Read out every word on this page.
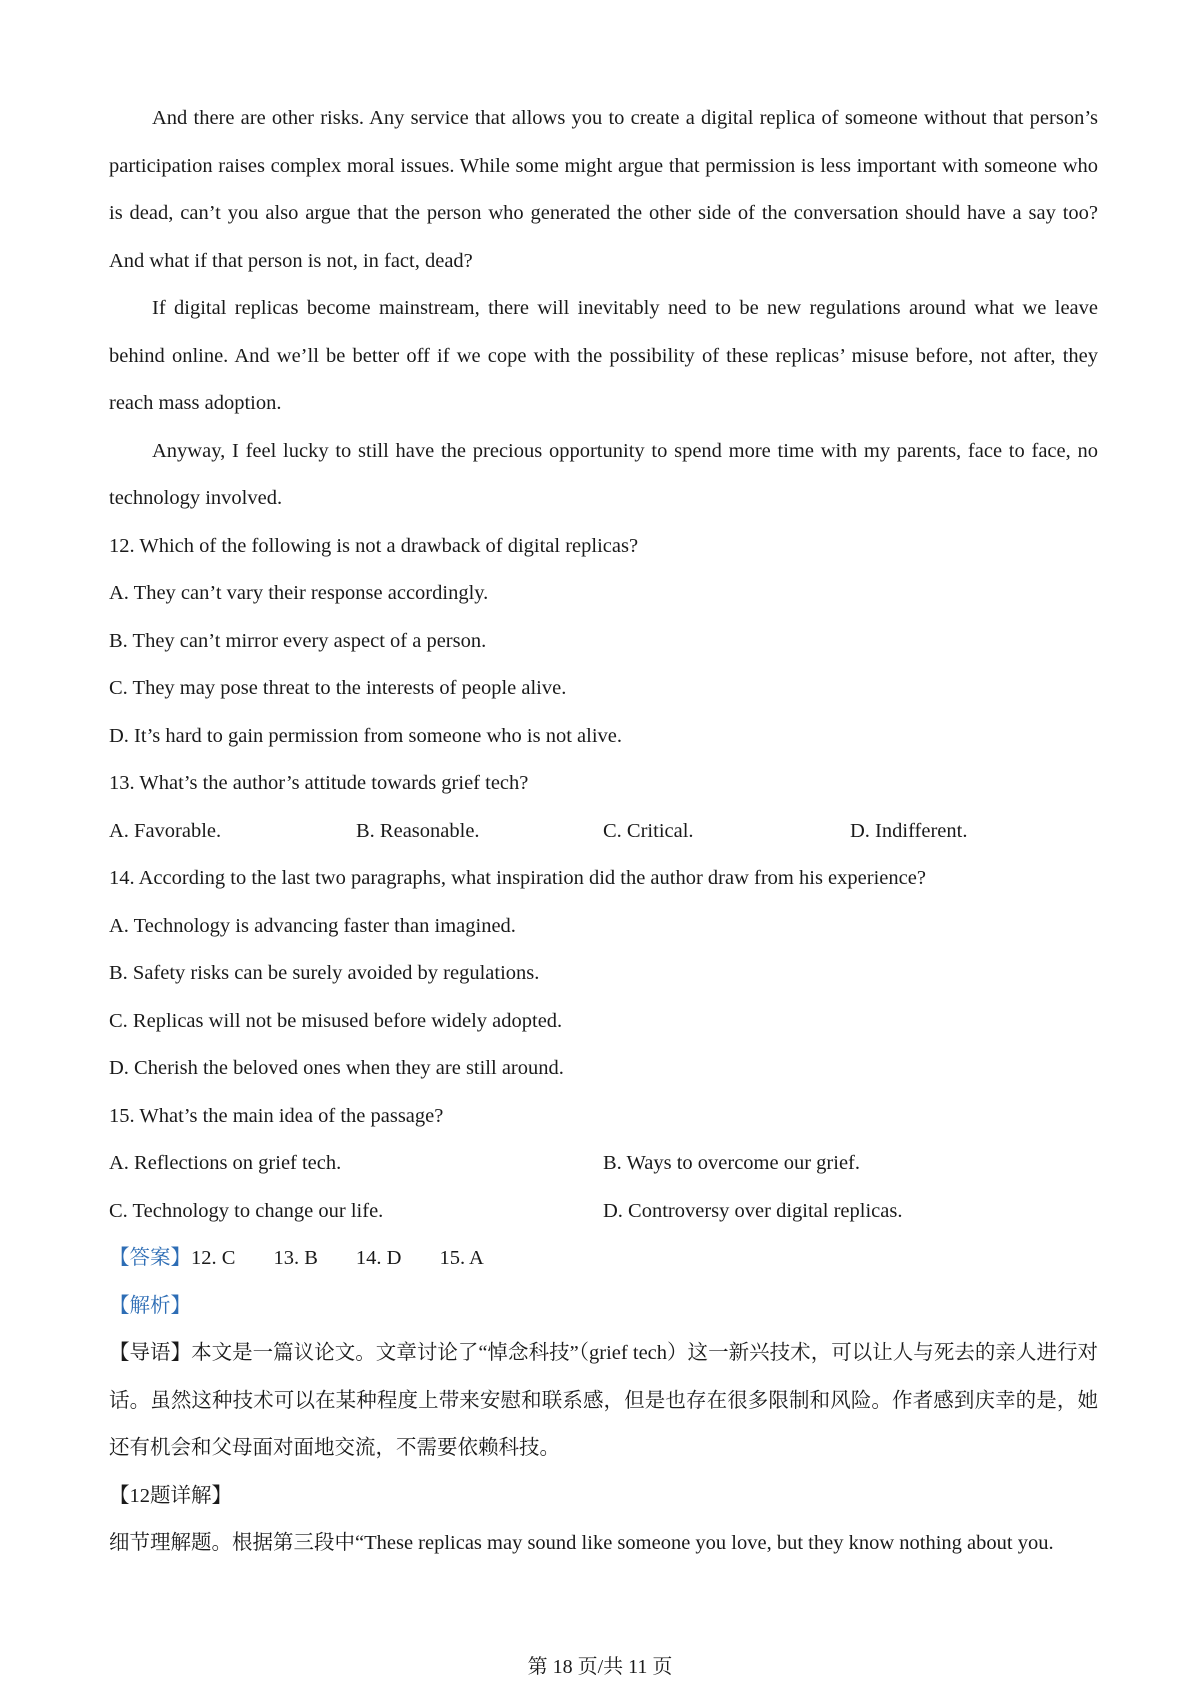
And there are other risks. Any service that allows you to create a digital replica of someone without that person’s participation raises complex moral issues. While some might argue that permission is less important with someone who is dead, can’t you also argue that the person who generated the other side of the conversation should have a say too? And what if that person is not, in fact, dead?

If digital replicas become mainstream, there will inevitably need to be new regulations around what we leave behind online. And we’ll be better off if we cope with the possibility of these replicas’ misuse before, not after, they reach mass adoption.

Anyway, I feel lucky to still have the precious opportunity to spend more time with my parents, face to face, no technology involved.

12. Which of the following is not a drawback of digital replicas?
A. They can’t vary their response accordingly.
B. They can’t mirror every aspect of a person.
C. They may pose threat to the interests of people alive.
D. It’s hard to gain permission from someone who is not alive.
13. What’s the author’s attitude towards grief tech?
A. Favorable.	B. Reasonable.	C. Critical.	D. Indifferent.
14. According to the last two paragraphs, what inspiration did the author draw from his experience?
A. Technology is advancing faster than imagined.
B. Safety risks can be surely avoided by regulations.
C. Replicas will not be misused before widely adopted.
D. Cherish the beloved ones when they are still around.
15. What’s the main idea of the passage?
A. Reflections on grief tech.	B. Ways to overcome our grief.
C. Technology to change our life.	D. Controversy over digital replicas.
【答案】12. C 13. B 14. D 15. A
【解析】

【导语】本文是一篇议论文。文章讨论了“悼念科技”（grief tech）这一新兴技术，可以让人与死去的亲人进行对话。虽然这种技术可以在某种程度上带来安慰和联系感，但是也存在很多限制和风险。作者感到庆幸的是，她还有机会和父母面对面地交流，不需要依赖科技。

【12题详解】
细节理解题。根据第三段中“These replicas may sound like someone you love, but they know nothing about you.
第 18 页/共 11 页
